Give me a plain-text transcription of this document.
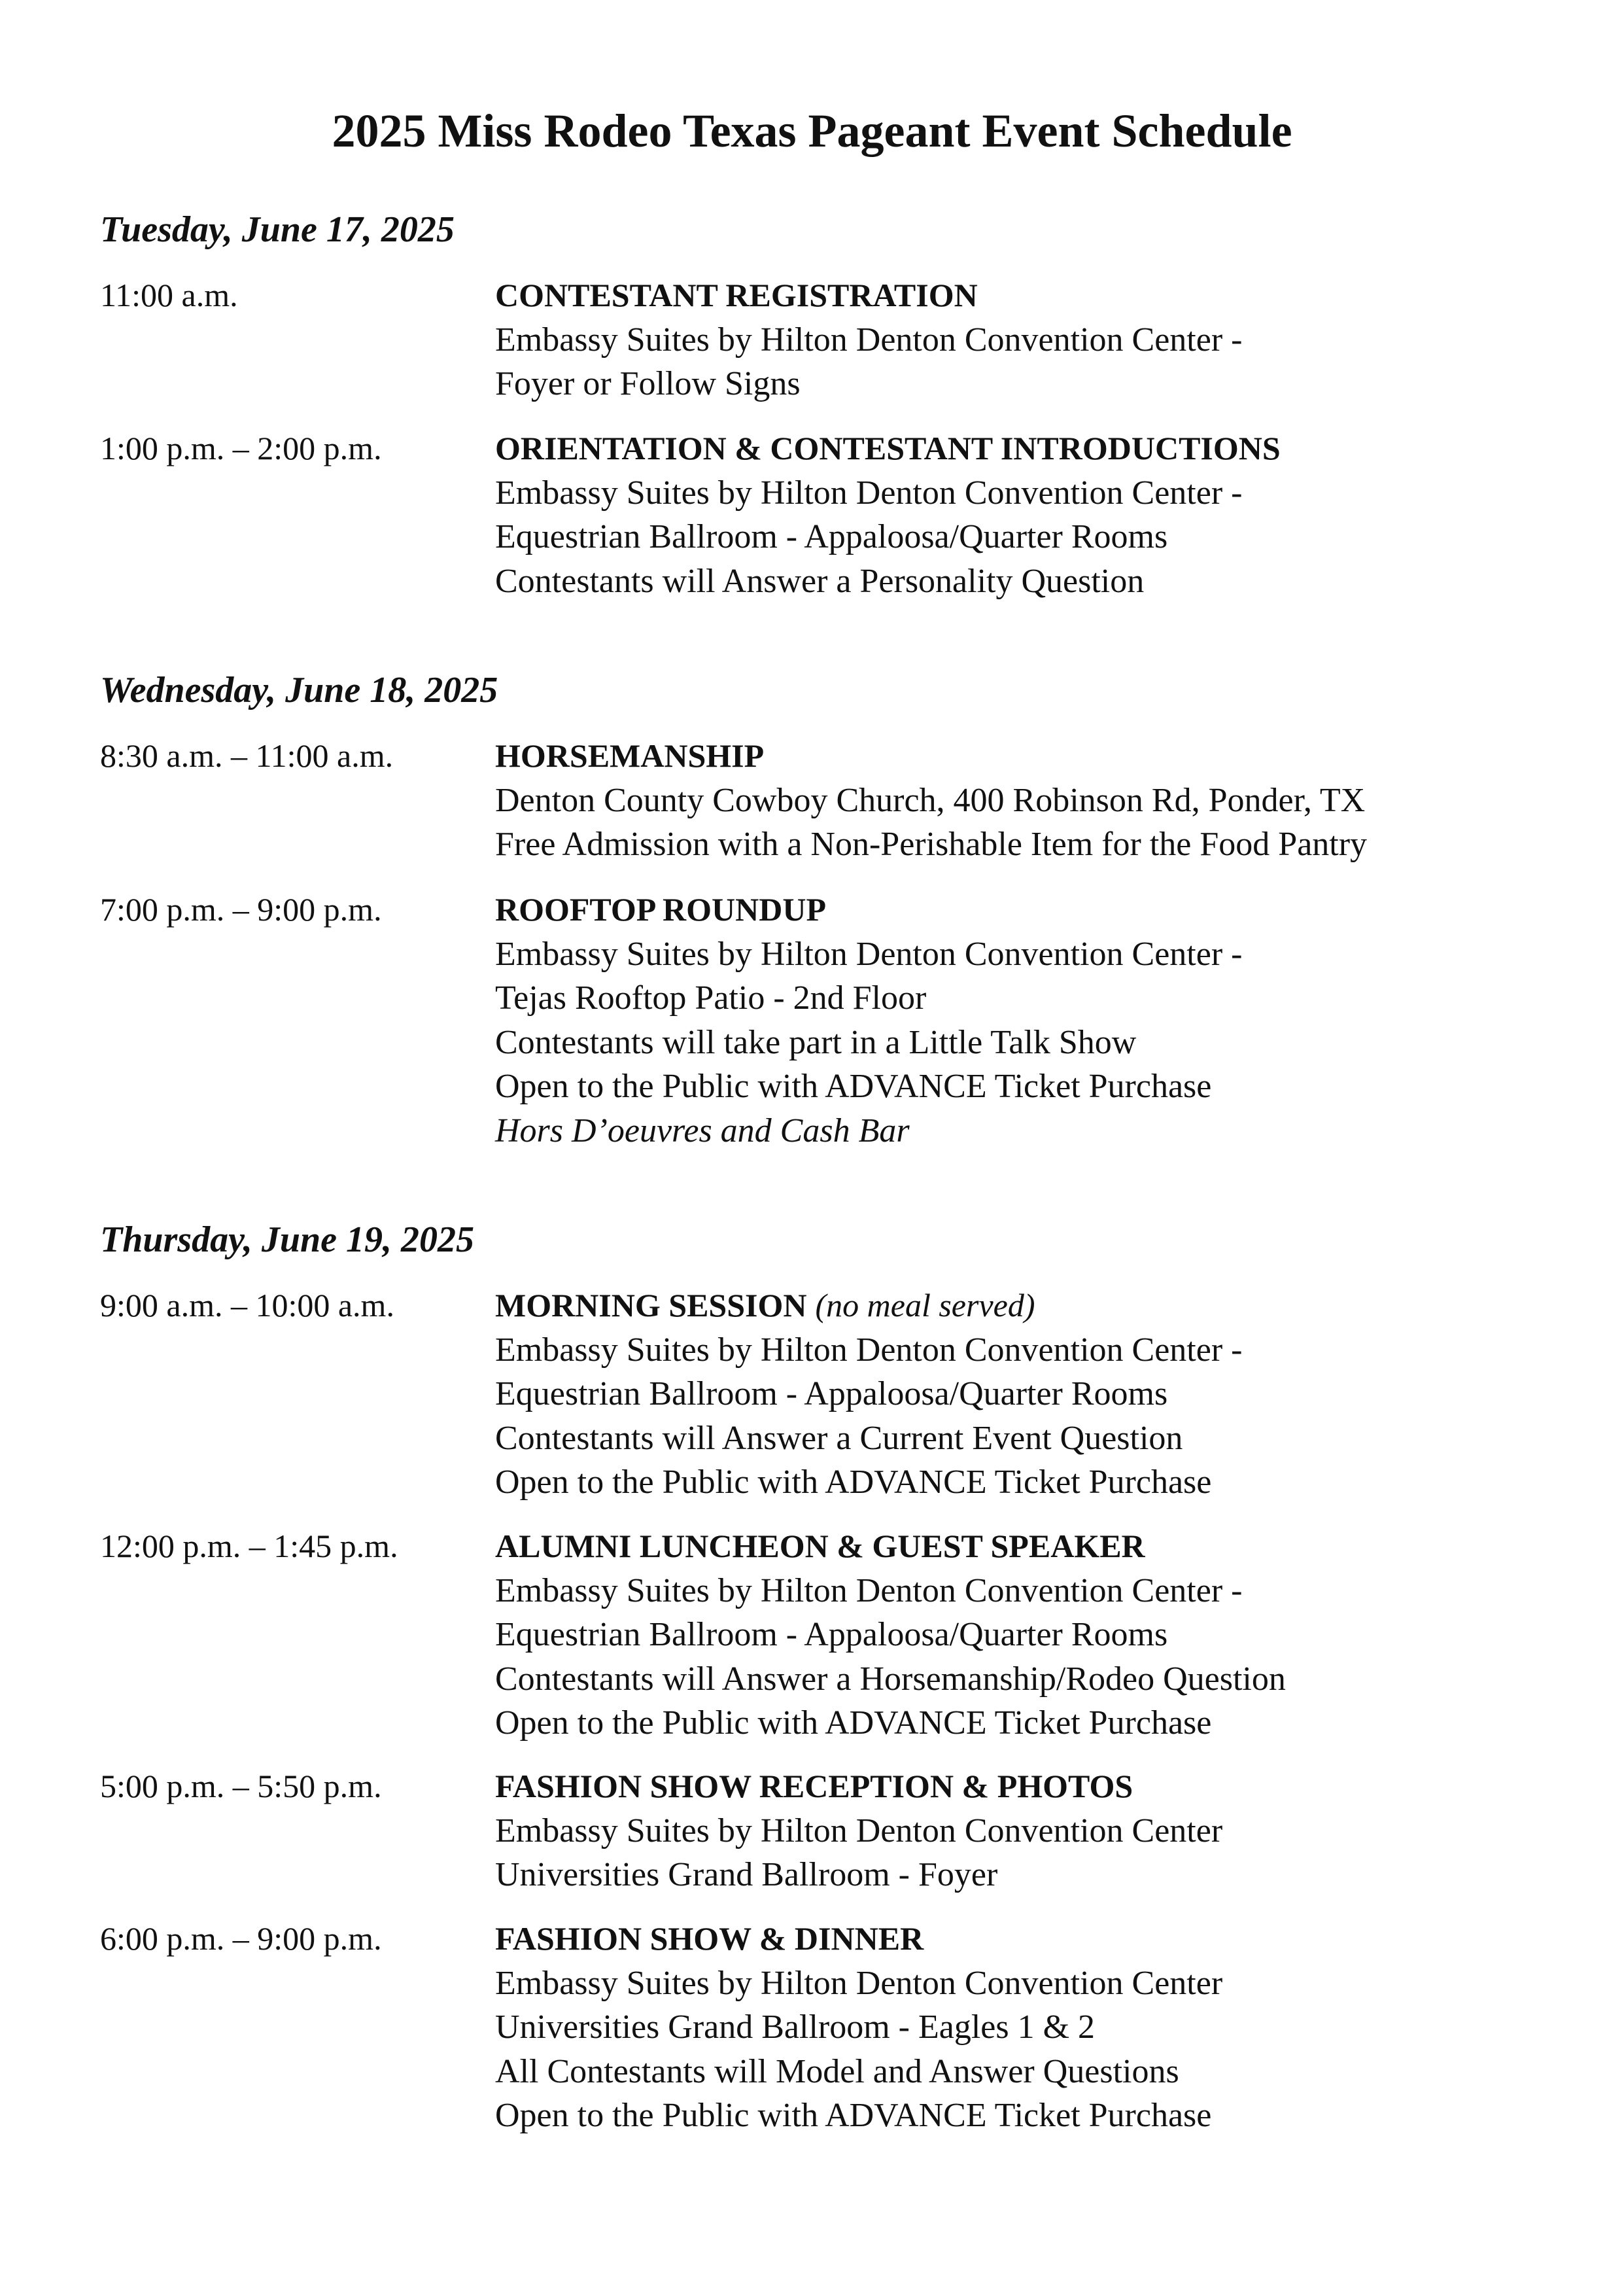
2025 Miss Rodeo Texas Pageant Event Schedule
Tuesday, June 17, 2025
11:00 a.m.	CONTESTANT REGISTRATION
Embassy Suites by Hilton Denton Convention Center -
Foyer or Follow Signs
1:00 p.m. – 2:00 p.m.	ORIENTATION & CONTESTANT INTRODUCTIONS
Embassy Suites by Hilton Denton Convention Center -
Equestrian Ballroom - Appaloosa/Quarter Rooms
Contestants will Answer a Personality Question
Wednesday, June 18, 2025
8:30 a.m. – 11:00 a.m.	HORSEMANSHIP
Denton County Cowboy Church, 400 Robinson Rd, Ponder, TX
Free Admission with a Non-Perishable Item for the Food Pantry
7:00 p.m. – 9:00 p.m.	ROOFTOP ROUNDUP
Embassy Suites by Hilton Denton Convention Center -
Tejas Rooftop Patio - 2nd Floor
Contestants will take part in a Little Talk Show
Open to the Public with ADVANCE Ticket Purchase
Hors D’oeuvres and Cash Bar
Thursday, June 19, 2025
9:00 a.m. – 10:00 a.m.	MORNING SESSION (no meal served)
Embassy Suites by Hilton Denton Convention Center -
Equestrian Ballroom - Appaloosa/Quarter Rooms
Contestants will Answer a Current Event Question
Open to the Public with ADVANCE Ticket Purchase
12:00 p.m. – 1:45 p.m.	ALUMNI LUNCHEON & GUEST SPEAKER
Embassy Suites by Hilton Denton Convention Center -
Equestrian Ballroom - Appaloosa/Quarter Rooms
Contestants will Answer a Horsemanship/Rodeo Question
Open to the Public with ADVANCE Ticket Purchase
5:00 p.m. – 5:50 p.m.	FASHION SHOW RECEPTION & PHOTOS
Embassy Suites by Hilton Denton Convention Center
Universities Grand Ballroom - Foyer
6:00 p.m. – 9:00 p.m.	FASHION SHOW & DINNER
Embassy Suites by Hilton Denton Convention Center
Universities Grand Ballroom - Eagles 1 & 2
All Contestants will Model and Answer Questions
Open to the Public with ADVANCE Ticket Purchase
